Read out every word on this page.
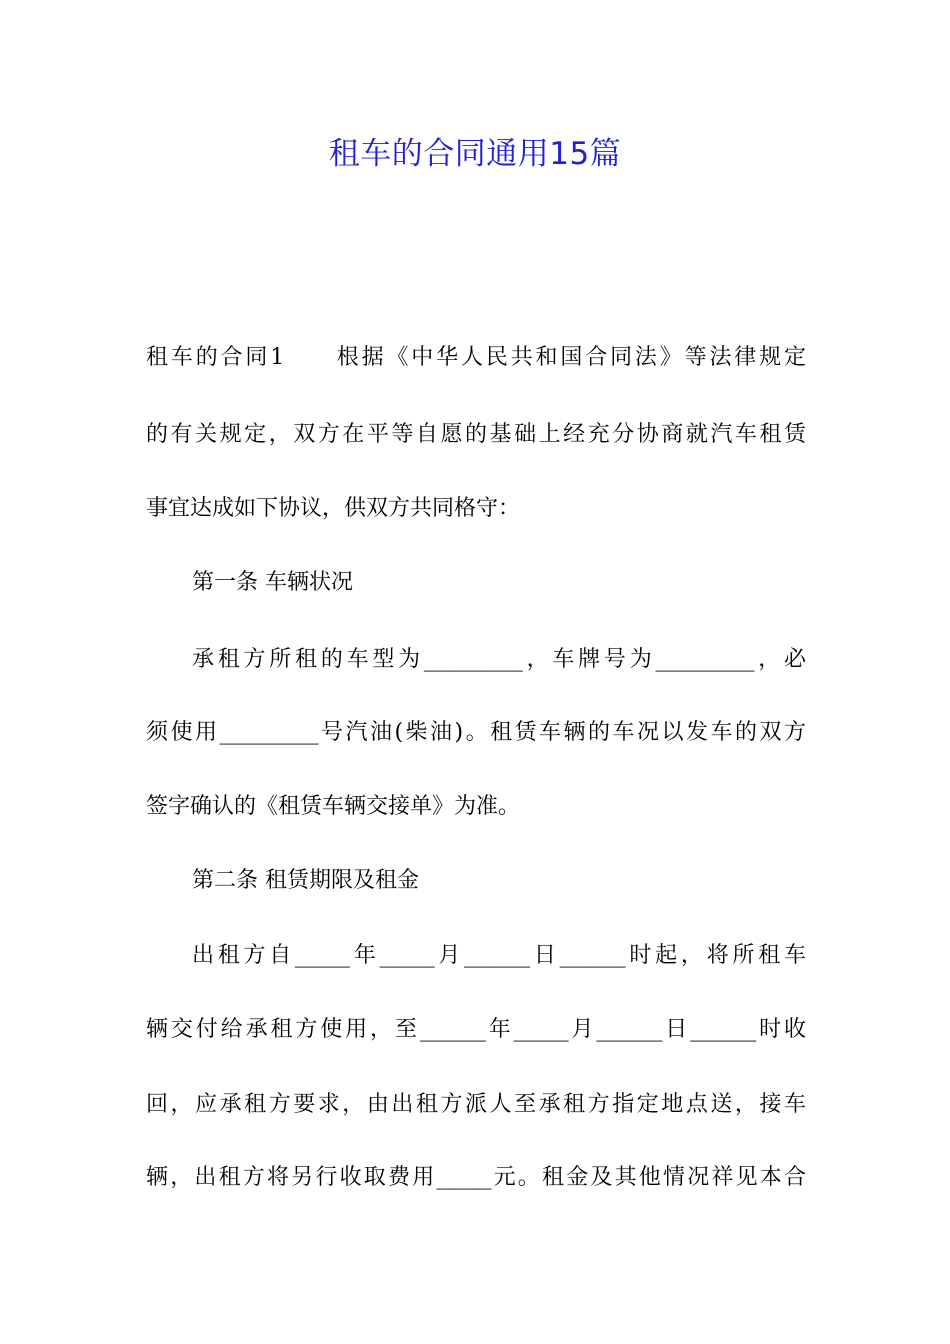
租车的合同通用15篇
租车的合同1　　根据《中华人民共和国合同法》等法律规定
的有关规定，双方在平等自愿的基础上经充分协商就汽车租赁
事宜达成如下协议，供双方共同格守：
第一条 车辆状况
承租方所租的车型为_________，车牌号为_________，必
须使用_________号汽油(柴油)。租赁车辆的车况以发车的双方
签字确认的《租赁车辆交接单》为准。
第二条 租赁期限及租金
出租方自_____年_____月______日______时起，将所租车
辆交付给承租方使用，至______年_____月______日______时收
回，应承租方要求，由出租方派人至承租方指定地点送，接车
辆，出租方将另行收取费用_____元。租金及其他情况祥见本合
